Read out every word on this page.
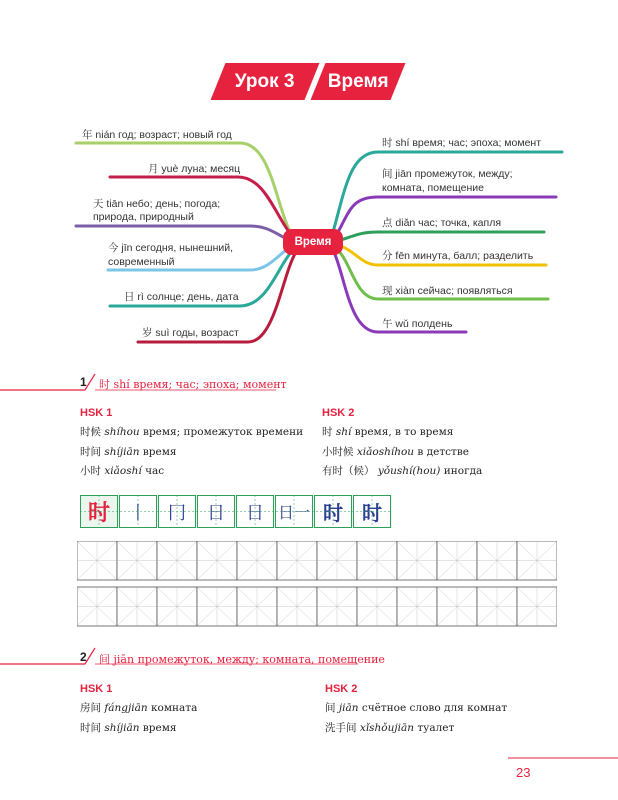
Урок 3 Время
Время
年 nián год; возраст; новый год
月 yuè луна; месяц
天 tiān небо; день; погода;
природа, природный
今 jīn сегодня, нынешний,
современный
日 rì солнце; день, дата
岁 suì годы, возраст
时 shí время; час; эпоха; момент
间 jiān промежуток, между;
комната, помещение
点 diǎn час; точка, капля
分 fēn минута, балл; разделить
现 xiàn сейчас; появляться
午 wǔ полдень
1 时 shí время; час; эпоха; момент
HSK 1	HSK 2
时候 shíhou время; промежуток времени
时间 shíjiān время
小时 xiǎoshí час
时 shí время, в то время
小时候 xiǎoshíhou в детстве
有时（候） yǒushí(hou) иногда
时 丨 冂 日 日 日一 时 时
2 间 jiān промежуток, между; комната, помещение
HSK 1	HSK 2
房间 fángjiān комната
时间 shíjiān время
间 jiān счётное слово для комнат
洗手间 xǐshǒujiān туалет
23
